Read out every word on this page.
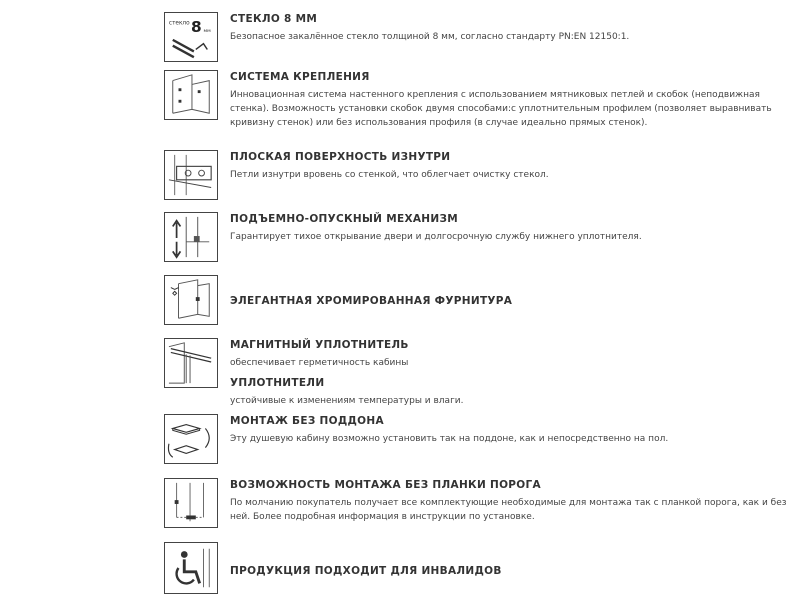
стекло 8 мм

СТЕКЛО 8 ММ

Безопасное закалённое стекло толщиной 8 мм, согласно стандарту PN:EN 12150:1.

СИСТЕМА КРЕПЛЕНИЯ

Инновационная система настенного крепления с использованием мятниковых петлей и скобок (неподвижная стенка). Возможность установки скобок двумя способами:с уплотнительным профилем (позволяет выравнивать кривизну стенок) или без использования профиля (в случае идеально прямых стенок).

ПЛОСКАЯ ПОВЕРХНОСТЬ ИЗНУТРИ

Петли изнутри вровень со стенкой, что облегчает очистку стекол.

ПОДЪЕМНО-ОПУСКНЫЙ МЕХАНИЗМ

Гарантирует тихое открывание двери и долгосрочную службу нижнего уплотнителя.

ЭЛЕГАНТНАЯ ХРОМИРОВАННАЯ ФУРНИТУРА

МАГНИТНЫЙ УПЛОТНИТЕЛЬ

обеспечивает герметичность кабины

УПЛОТНИТЕЛИ

устойчивые к изменениям температуры и влаги.

МОНТАЖ БЕЗ ПОДДОНА

Эту душевую кабину возможно установить так на поддоне, как и непосредственно на пол.

ВОЗМОЖНОСТЬ МОНТАЖА БЕЗ ПЛАНКИ ПОРОГА

По молчанию покупатель получает все комплектующие необходимые для монтажа так с планкой порога, как и без ней. Более подробная информация в инструкции по установке.

ПРОДУКЦИЯ ПОДХОДИТ ДЛЯ ИНВАЛИДОВ
